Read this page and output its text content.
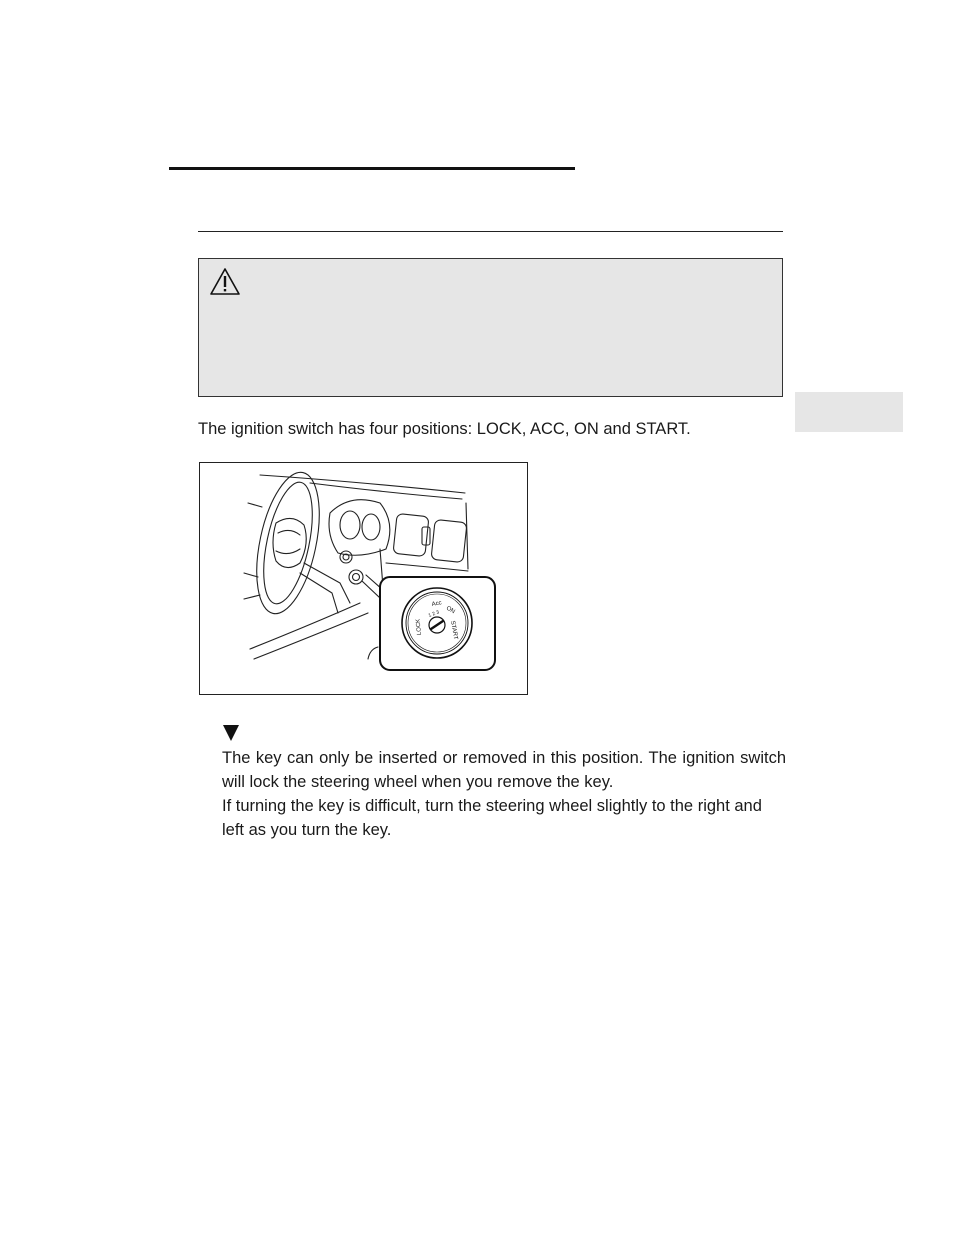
The ignition switch has four positions: LOCK, ACC, ON and START.
LOCK
Acc
ON
START
1 2 3

The key can only be inserted or removed in this position. The ignition switch will lock the steering wheel when you remove the key.

If turning the key is difficult, turn the steering wheel slightly to the right and left as you turn the key.
